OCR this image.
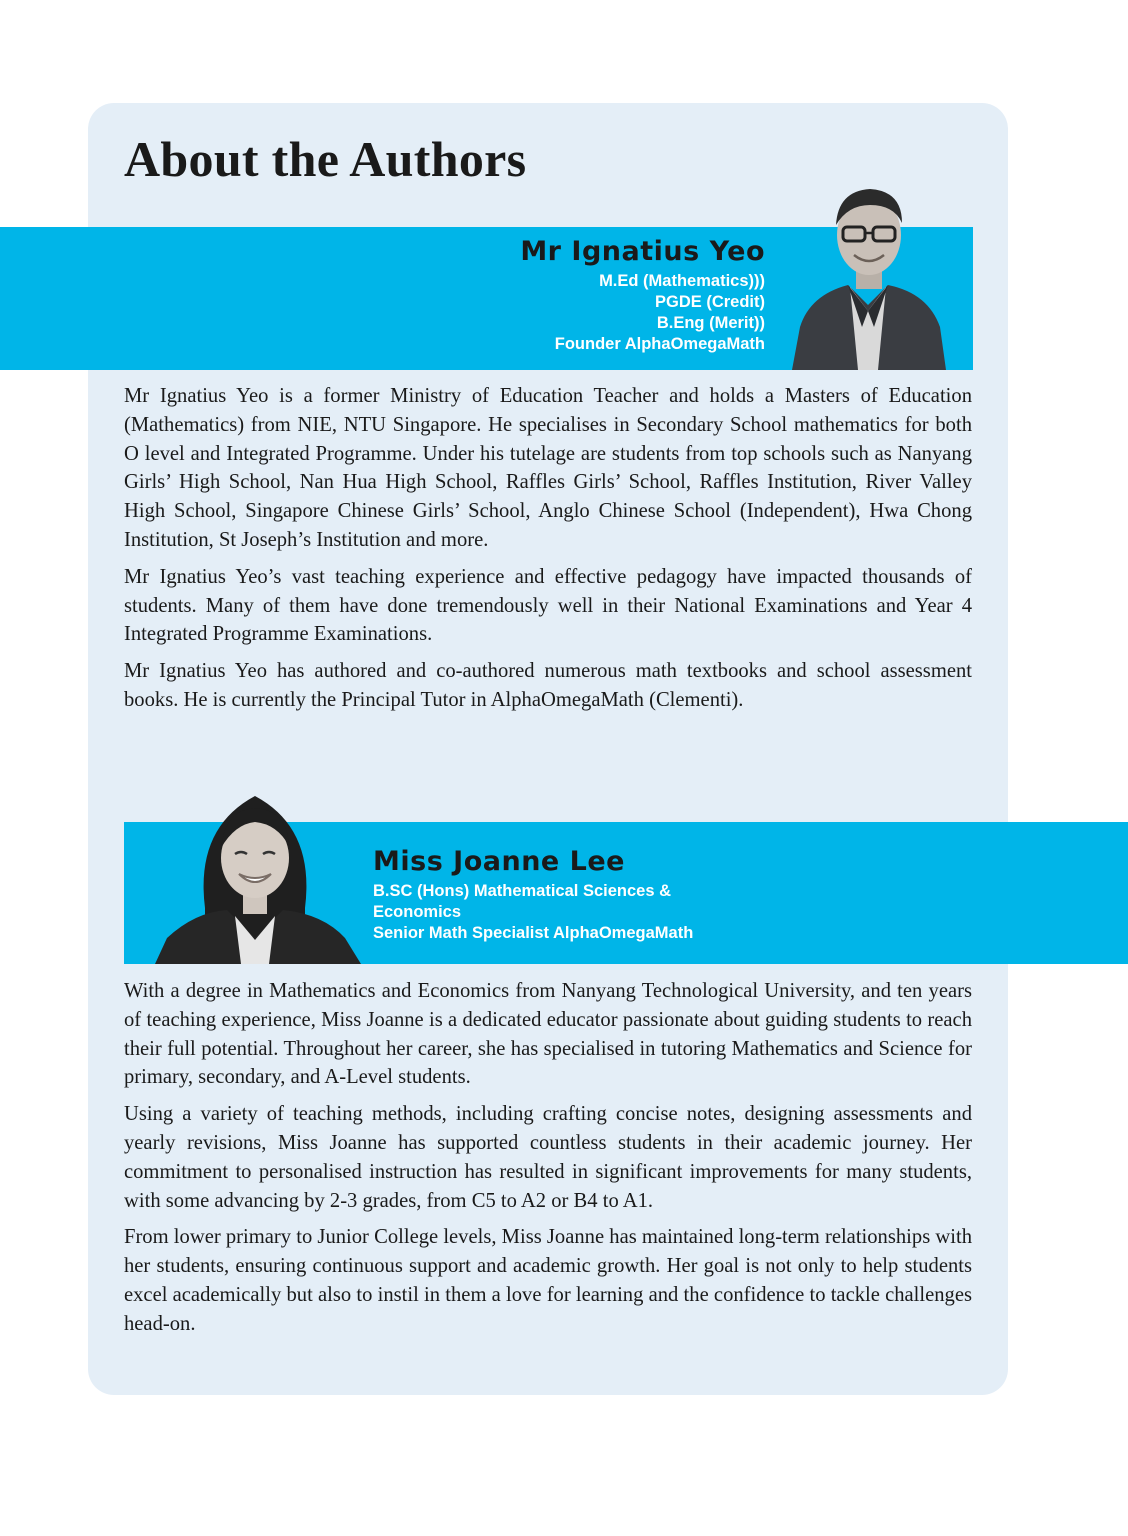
About the Authors
Mr Ignatius Yeo
M.Ed (Mathematics)))
PGDE (Credit)
B.Eng (Merit))
Founder AlphaOmegaMath

Mr Ignatius Yeo is a former Ministry of Education Teacher and holds a Masters of Education (Mathematics) from NIE, NTU Singapore. He specialises in Secondary School mathematics for both O level and Integrated Programme. Under his tutelage are students from top schools such as Nanyang Girls’ High School, Nan Hua High School, Raffles Girls’ School, Raffles Institution, River Valley High School, Singapore Chinese Girls’ School, Anglo Chinese School (Independent), Hwa Chong Institution, St Joseph’s Institution and more.

Mr Ignatius Yeo’s vast teaching experience and effective pedagogy have impacted thousands of students. Many of them have done tremendously well in their National Examinations and Year 4 Integrated Programme Examinations.

Mr Ignatius Yeo has authored and co-authored numerous math textbooks and school assessment books. He is currently the Principal Tutor in AlphaOmegaMath (Clementi).

Miss Joanne Lee
B.SC (Hons) Mathematical Sciences &
Economics
Senior Math Specialist AlphaOmegaMath

With a degree in Mathematics and Economics from Nanyang Technological University, and ten years of teaching experience, Miss Joanne is a dedicated educator passionate about guiding students to reach their full potential. Throughout her career, she has specialised in tutoring Mathematics and Science for primary, secondary, and A-Level students.

Using a variety of teaching methods, including crafting concise notes, designing assessments and yearly revisions, Miss Joanne has supported countless students in their academic journey. Her commitment to personalised instruction has resulted in significant improvements for many students, with some advancing by 2-3 grades, from C5 to A2 or B4 to A1.

From lower primary to Junior College levels, Miss Joanne has maintained long-term relationships with her students, ensuring continuous support and academic growth. Her goal is not only to help students excel academically but also to instil in them a love for learning and the confidence to tackle challenges head-on.
